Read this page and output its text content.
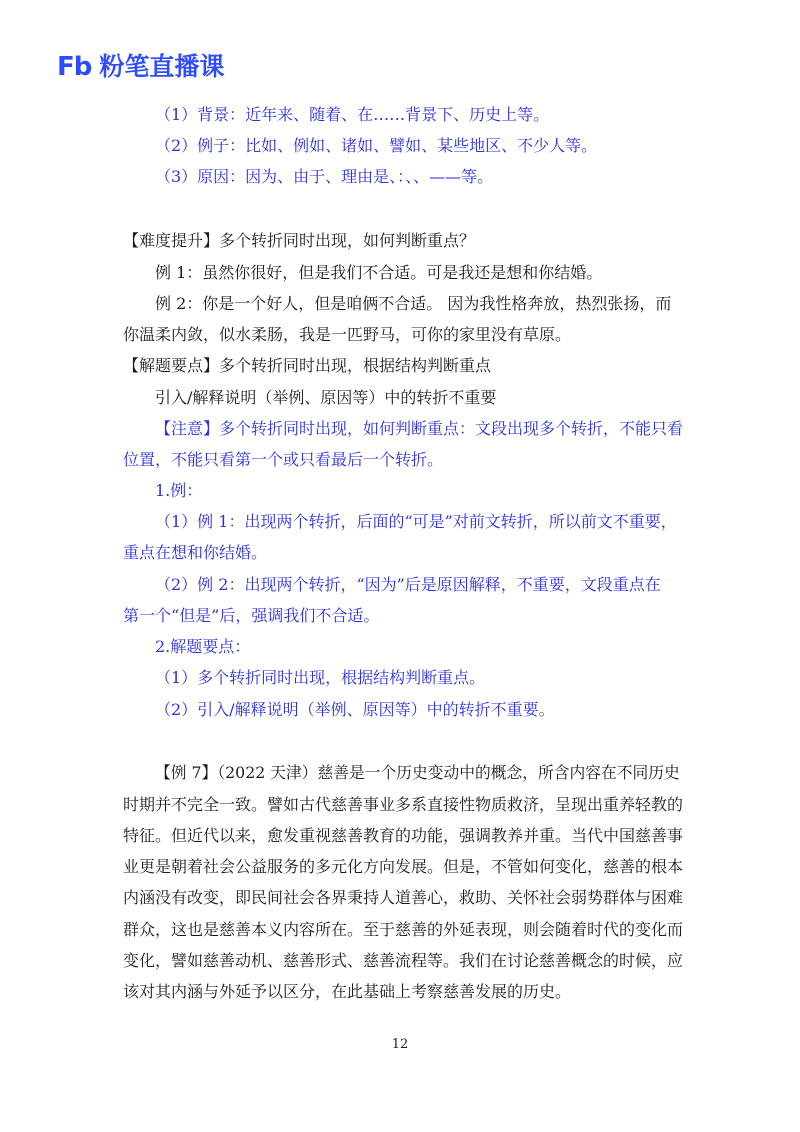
Fb 粉笔直播课
（1）背景：近年来、随着、在……背景下、历史上等。
（2）例子：比如、例如、诸如、譬如、某些地区、不少人等。
（3）原因：因为、由于、理由是、：、、——等。
【难度提升】多个转折同时出现，如何判断重点？
例 1：虽然你很好，但是我们不合适。可是我还是想和你结婚。
例 2：你是一个好人，但是咱俩不合适。 因为我性格奔放，热烈张扬，而
你温柔内敛，似水柔肠，我是一匹野马，可你的家里没有草原。
【解题要点】多个转折同时出现，根据结构判断重点
引入/解释说明（举例、原因等）中的转折不重要
【注意】多个转折同时出现，如何判断重点：文段出现多个转折，不能只看
位置，不能只看第一个或只看最后一个转折。
1.例：
（1）例 1：出现两个转折，后面的“可是”对前文转折，所以前文不重要，
重点在想和你结婚。
（2）例 2：出现两个转折，“因为”后是原因解释，不重要，文段重点在
第一个“但是”后，强调我们不合适。
2.解题要点：
（1）多个转折同时出现，根据结构判断重点。
（2）引入/解释说明（举例、原因等）中的转折不重要。
【例 7】（2022 天津）慈善是一个历史变动中的概念，所含内容在不同历史
时期并不完全一致。譬如古代慈善事业多系直接性物质救济，呈现出重养轻教的
特征。但近代以来，愈发重视慈善教育的功能，强调教养并重。当代中国慈善事
业更是朝着社会公益服务的多元化方向发展。但是，不管如何变化，慈善的根本
内涵没有改变，即民间社会各界秉持人道善心，救助、关怀社会弱势群体与困难
群众，这也是慈善本义内容所在。至于慈善的外延表现，则会随着时代的变化而
变化，譬如慈善动机、慈善形式、慈善流程等。我们在讨论慈善概念的时候，应
该对其内涵与外延予以区分，在此基础上考察慈善发展的历史。
12
